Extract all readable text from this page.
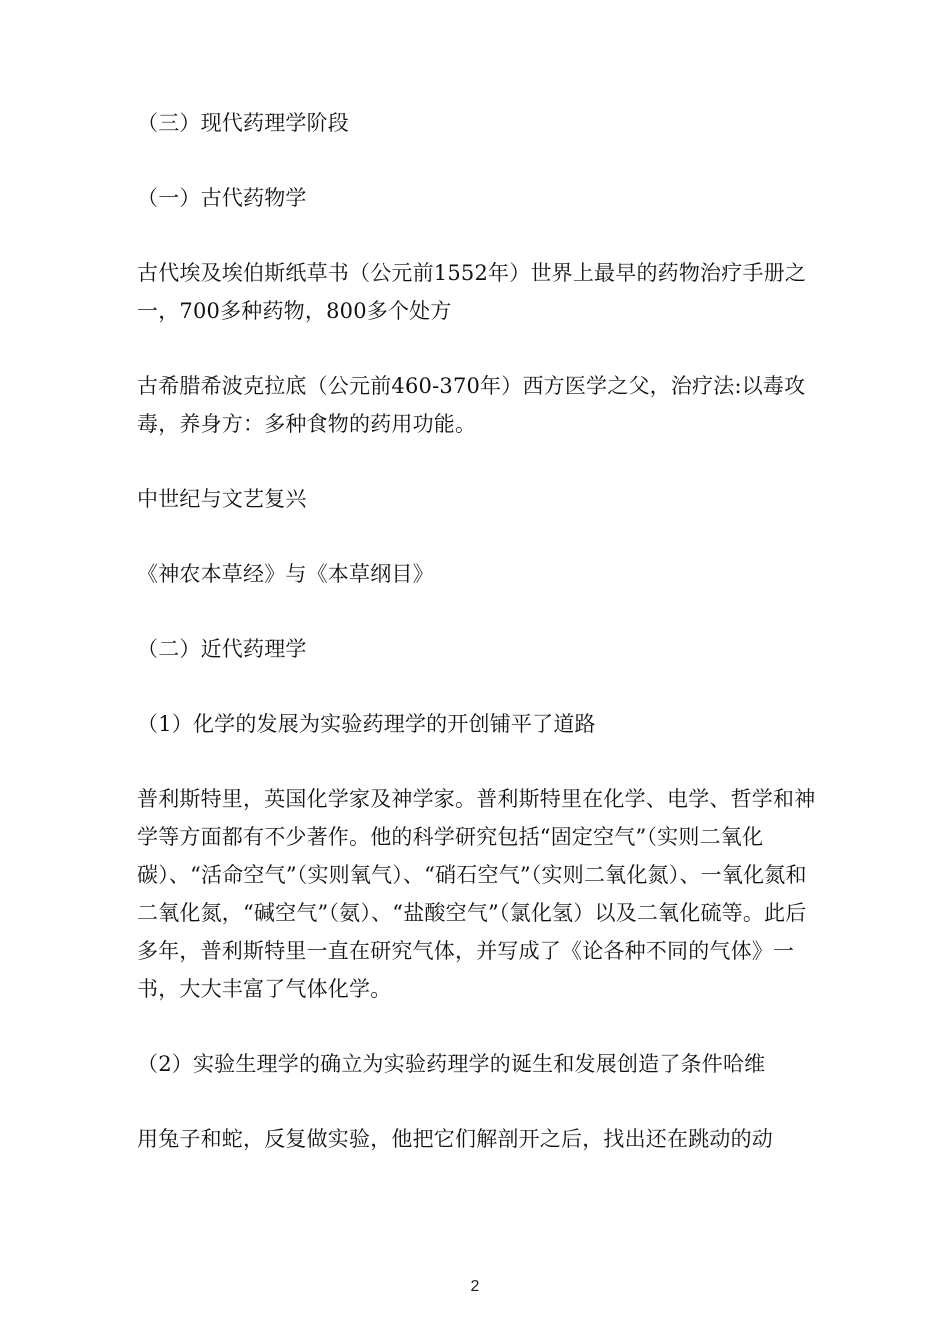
（三）现代药理学阶段

（一）古代药物学

古代埃及埃伯斯纸草书（公元前1552年）世界上最早的药物治疗手册之一，700多种药物，800多个处方

古希腊希波克拉底（公元前460-370年）西方医学之父，治疗法:以毒攻毒，养身方：多种食物的药用功能。

中世纪与文艺复兴

《神农本草经》与《本草纲目》

（二）近代药理学

（1）化学的发展为实验药理学的开创铺平了道路

普利斯特里，英国化学家及神学家。普利斯特里在化学、电学、哲学和神学等方面都有不少著作。他的科学研究包括“固定空气”（实则二氧化碳）、“活命空气”（实则氧气）、“硝石空气”（实则二氧化氮）、一氧化氮和二氧化氮，“碱空气”（氨）、“盐酸空气”（氯化氢）以及二氧化硫等。此后多年，普利斯特里一直在研究气体，并写成了《论各种不同的气体》一书，大大丰富了气体化学。

（2）实验生理学的确立为实验药理学的诞生和发展创造了条件哈维

用兔子和蛇，反复做实验，他把它们解剖开之后，找出还在跳动的动

2
